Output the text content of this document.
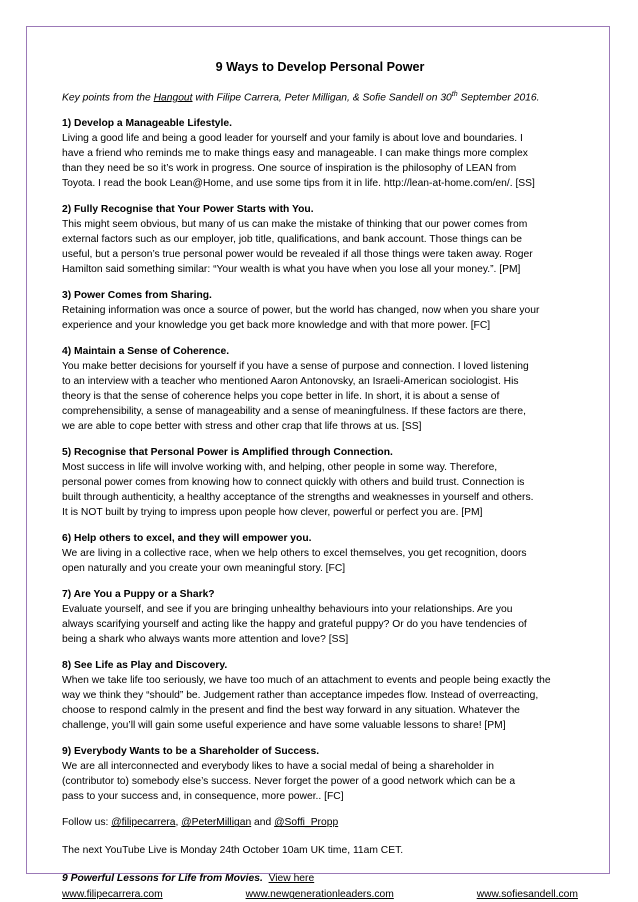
9 Ways to Develop Personal Power
Key points from the Hangout with Filipe Carrera, Peter Milligan, & Sofie Sandell on 30th September 2016.
1) Develop a Manageable Lifestyle.

Living a good life and being a good leader for yourself and your family is about love and boundaries. I
have a friend who reminds me to make things easy and manageable. I can make things more complex
than they need be so it’s work in progress. One source of inspiration is the philosophy of LEAN from
Toyota. I read the book Lean@Home, and use some tips from it in life. http://lean-at-home.com/en/. [SS]

2) Fully Recognise that Your Power Starts with You.

This might seem obvious, but many of us can make the mistake of thinking that our power comes from
external factors such as our employer, job title, qualifications, and bank account. Those things can be
useful, but a person’s true personal power would be revealed if all those things were taken away. Roger
Hamilton said something similar: “Your wealth is what you have when you lose all your money.”. [PM]

3) Power Comes from Sharing.

Retaining information was once a source of power, but the world has changed, now when you share your
experience and your knowledge you get back more knowledge and with that more power. [FC]

4) Maintain a Sense of Coherence.

You make better decisions for yourself if you have a sense of purpose and connection. I loved listening
to an interview with a teacher who mentioned Aaron Antonovsky, an Israeli-American sociologist. His
theory is that the sense of coherence helps you cope better in life. In short, it is about a sense of
comprehensibility, a sense of manageability and a sense of meaningfulness. If these factors are there,
we are able to cope better with stress and other crap that life throws at us. [SS]

5) Recognise that Personal Power is Amplified through Connection.

Most success in life will involve working with, and helping, other people in some way. Therefore,
personal power comes from knowing how to connect quickly with others and build trust. Connection is
built through authenticity, a healthy acceptance of the strengths and weaknesses in yourself and others.
It is NOT built by trying to impress upon people how clever, powerful or perfect you are. [PM]

6) Help others to excel, and they will empower you.

We are living in a collective race, when we help others to excel themselves, you get recognition, doors
open naturally and you create your own meaningful story. [FC]

7) Are You a Puppy or a Shark?

Evaluate yourself, and see if you are bringing unhealthy behaviours into your relationships. Are you
always scarifying yourself and acting like the happy and grateful puppy? Or do you have tendencies of
being a shark who always wants more attention and love? [SS]

8) See Life as Play and Discovery.

When we take life too seriously, we have too much of an attachment to events and people being exactly the
way we think they “should” be. Judgement rather than acceptance impedes flow. Instead of overreacting,
choose to respond calmly in the present and find the best way forward in any situation. Whatever the
challenge, you’ll will gain some useful experience and have some valuable lessons to share! [PM]

9) Everybody Wants to be a Shareholder of Success.

We are all interconnected and everybody likes to have a social medal of being a shareholder in
(contributor to) somebody else’s success. Never forget the power of a good network which can be a
pass to your success and, in consequence, more power.. [FC]

Follow us: @filipecarrera, @PeterMilligan and @Soffi_Propp
The next YouTube Live is Monday 24th October 10am UK time, 11am CET.
9 Powerful Lessons for Life from Movies. View here
www.filipecarrera.com	www.newgenerationleaders.com	www.sofiesandell.com
